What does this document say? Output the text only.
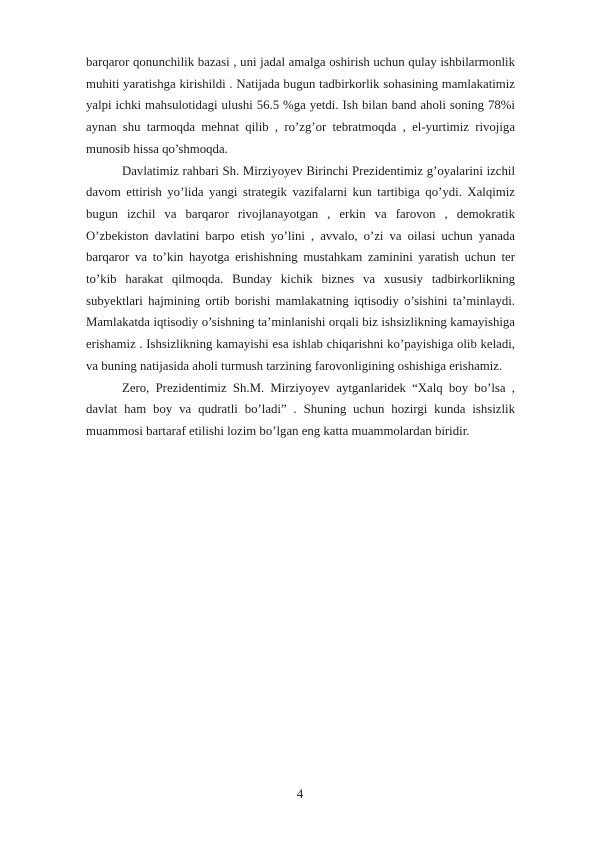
barqaror qonunchilik bazasi , uni jadal amalga oshirish uchun qulay ishbilarmonlik muhiti yaratishga kirishildi . Natijada bugun tadbirkorlik sohasining mamlakatimiz yalpi ichki mahsulotidagi ulushi 56.5 %ga yetdi. Ish bilan band aholi soning 78%i aynan shu tarmoqda mehnat qilib , ro’zg’or tebratmoqda , el-yurtimiz rivojiga munosib hissa qo’shmoqda.

Davlatimiz rahbari Sh. Mirziyoyev Birinchi Prezidentimiz g’oyalarini izchil davom ettirish yo’lida yangi strategik vazifalarni kun tartibiga qo’ydi. Xalqimiz bugun izchil va barqaror rivojlanayotgan , erkin va farovon , demokratik O’zbekiston davlatini barpo etish yo’lini , avvalo, o’zi va oilasi uchun yanada barqaror va to’kin hayotga erishishning mustahkam zaminini yaratish uchun ter to’kib harakat qilmoqda. Bunday kichik biznes va xususiy tadbirkorlikning subyektlari hajmining ortib borishi mamlakatning iqtisodiy o’sishini ta’minlaydi. Mamlakatda iqtisodiy o’sishning ta’minlanishi orqali biz ishsizlikning kamayishiga erishamiz . Ishsizlikning kamayishi esa ishlab chiqarishni ko’payishiga olib keladi, va buning natijasida aholi turmush tarzining farovonligining oshishiga erishamiz.

Zero, Prezidentimiz Sh.M. Mirziyoyev aytganlaridek “Xalq boy bo’lsa , davlat ham boy va qudratli bo’ladi” . Shuning uchun hozirgi kunda ishsizlik muammosi bartaraf etilishi lozim bo’lgan eng katta muammolardan biridir.

4
